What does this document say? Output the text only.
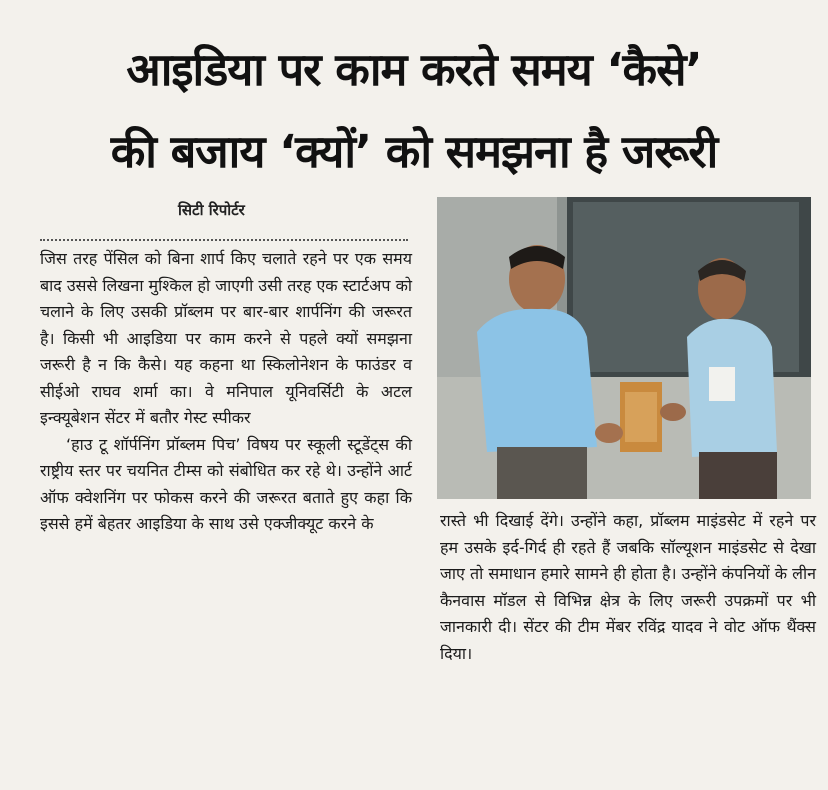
आइडिया पर काम करते समय ‘कैसे’
की बजाय ‘क्यों’ को समझना है जरूरी
सिटी रिपोर्टर

जिस तरह पेंसिल को बिना शार्प किए चलाते रहने पर एक समय बाद उससे लिखना मुश्किल हो जाएगी उसी तरह एक स्टार्टअप को चलाने के लिए उसकी प्रॉब्लम पर बार-बार शार्पनिंग की जरूरत है। किसी भी आइडिया पर काम करने से पहले क्यों समझना जरूरी है न कि कैसे। यह कहना था स्किलोनेशन के फाउंडर व सीईओ राघव शर्मा का। वे मनिपाल यूनिवर्सिटी के अटल इन्क्यूबेशन सेंटर में बतौर गेस्ट स्पीकर

‘हाउ टू शॉर्पनिंग प्रॉब्लम पिच’ विषय पर स्कूली स्टूडेंट्स की राष्ट्रीय स्तर पर चयनित टीम्स को संबोधित कर रहे थे। उन्होंने आर्ट ऑफ क्वेशनिंग पर फोकस करने की जरूरत बताते हुए कहा कि इससे हमें बेहतर आइडिया के साथ उसे एक्जीक्यूट करने के	रास्ते भी दिखाई देंगे। उन्होंने कहा, प्रॉब्लम माइंडसेट में रहने पर हम उसके इर्द-गिर्द ही रहते हैं जबकि सॉल्यूशन माइंडसेट से देखा जाए तो समाधान हमारे सामने ही होता है। उन्होंने कंपनियों के लीन कैनवास मॉडल से विभिन्न क्षेत्र के लिए जरूरी उपक्रमों पर भी जानकारी दी। सेंटर की टीम मेंबर रविंद्र यादव ने वोट ऑफ थैंक्स दिया।
